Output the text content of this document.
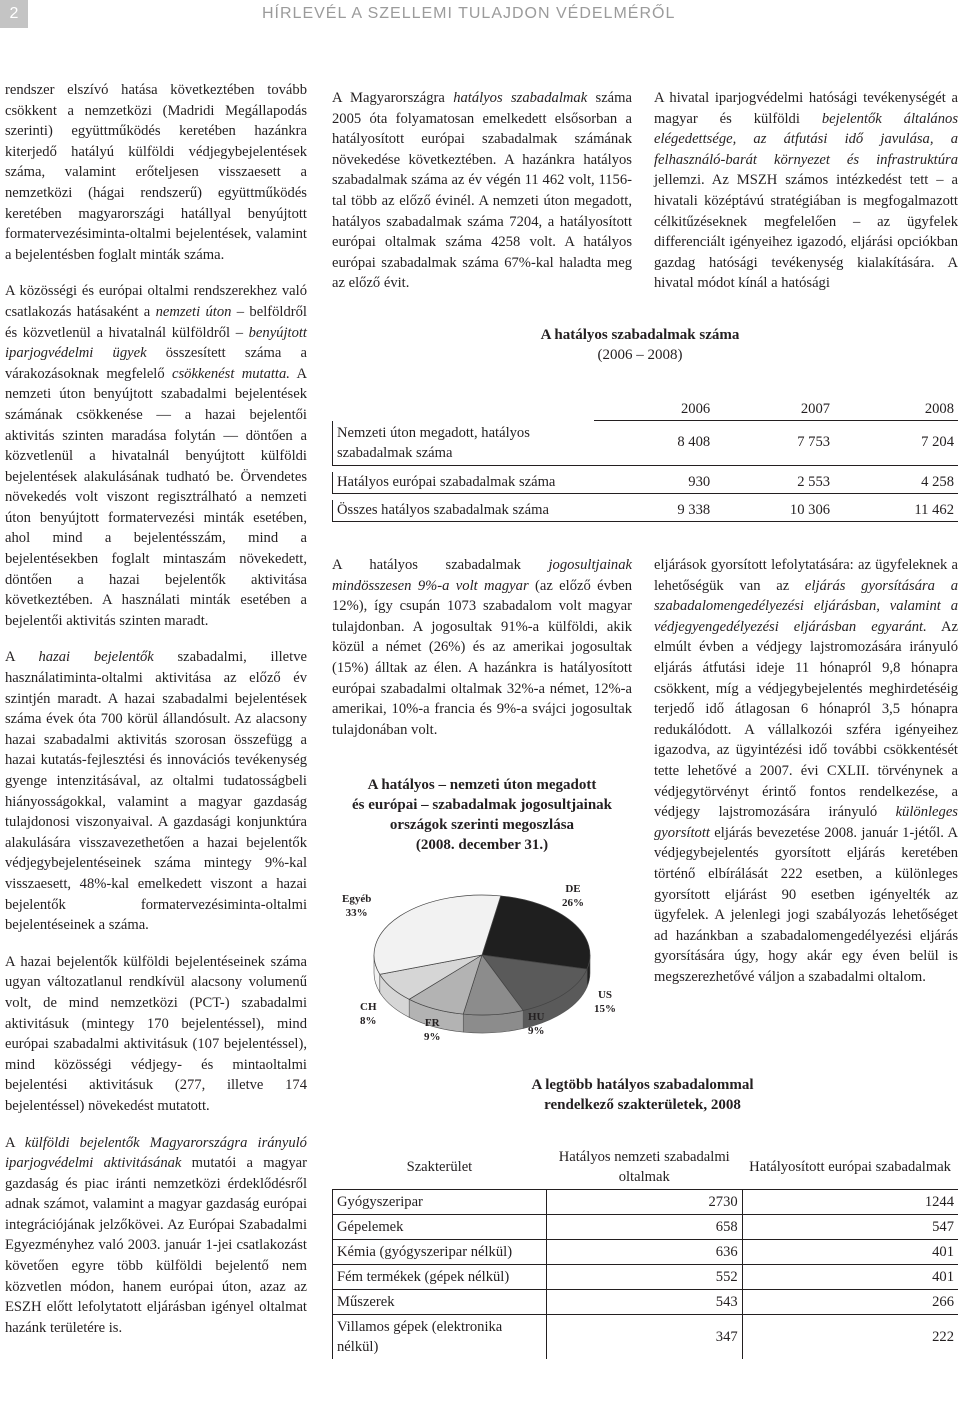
2	HÍRLEVÉL A SZELLEMI TULAJDON VÉDELMÉRŐL

rendszer elszívó hatása következtében tovább csökkent a nemzetközi (Madridi Megállapodás szerinti) együttműködés keretében hazánkra kiterjedő hatályú külföldi védjegybejelentések száma, valamint erőteljesen visszaesett a nemzetközi (hágai rendszerű) együttműködés keretében magyarországi hatállyal benyújtott formatervezésiminta-oltalmi bejelentések, valamint a bejelentésben foglalt minták száma.

A közösségi és európai oltalmi rendszerekhez való csatlakozás hatásaként a nemzeti úton – belföldről és közvetlenül a hivatalnál külföldről – benyújtott iparjogvédelmi ügyek összesített száma a várakozásoknak megfelelő csökkenést mutatta. A nemzeti úton benyújtott szabadalmi bejelentések számának csökkenése — a hazai bejelentői aktivitás szinten maradása folytán — döntően a közvetlenül a hivatalnál benyújtott külföldi bejelentések alakulásának tudható be. Örvendetes növekedés volt viszont regisztrálható a nemzeti úton benyújtott formatervezési minták esetében, ahol mind a bejelentésszám, mind a bejelentésekben foglalt mintaszám növekedett, döntően a hazai bejelentők aktivitása következtében. A használati minták esetében a bejelentői aktivitás szinten maradt.

A hazai bejelentők szabadalmi, illetve használatiminta-oltalmi aktivitása az előző év szintjén maradt. A hazai szabadalmi bejelentések száma évek óta 700 körül állandósult. Az alacsony hazai szabadalmi aktivitás szorosan összefügg a hazai kutatás-fejlesztési és innovációs tevékenység gyenge intenzitásával, az oltalmi tudatosságbeli hiányosságokkal, valamint a magyar gazdaság tulajdonosi viszonyaival. A gazdasági konjunktúra alakulására visszavezethetően a hazai bejelentők védjegybejelentéseinek száma mintegy 9%-kal visszaesett, 48%-kal emelkedett viszont a hazai bejelentők formatervezésiminta-oltalmi bejelentéseinek a száma.

A hazai bejelentők külföldi bejelentéseinek száma ugyan változatlanul rendkívül alacsony volumenű volt, de mind nemzetközi (PCT-) szabadalmi aktivitásuk (mintegy 170 bejelentéssel), mind európai szabadalmi aktivitásuk (107 bejelentéssel), mind közösségi védjegy- és mintaoltalmi bejelentési aktivitásuk (277, illetve 174 bejelentéssel) növekedést mutatott.

A külföldi bejelentők Magyarországra irányuló iparjogvédelmi aktivitásának mutatói a magyar gazdaság és piac iránti nemzetközi érdeklődésről adnak számot, valamint a magyar gazdaság európai integrációjának jelzőkövei. Az Európai Szabadalmi Egyezményhez való 2003. január 1-jei csatlakozást követően egyre több külföldi bejelentő nem közvetlen módon, hanem európai úton, azaz az ESZH előtt lefolytatott eljárásban igényel oltalmat hazánk területére is.

A Magyarországra hatályos szabadalmak száma 2005 óta folyamatosan emelkedett elsősorban a hatályosított európai szabadalmak számának növekedése következtében. A hazánkra hatályos szabadalmak száma az év végén 11 462 volt, 1156-tal több az előző évinél. A nemzeti úton megadott, hatályos szabadalmak száma 7204, a hatályosított európai oltalmak száma 4258 volt. A hatályos európai szabadalmak száma 67%-kal haladta meg az előző évit.

A hivatal iparjogvédelmi hatósági tevékenységét a magyar és külföldi bejelentők általános elégedettsége, az átfutási idő javulása, a felhasználó-barát környezet és infrastruktúra jellemzi. Az MSZH számos intézkedést tett – a hivatali középtávú stratégiában is megfogalmazott célkitűzéseknek megfelelően – az ügyfelek differenciált igényeihez igazodó, eljárási opciókban gazdag hatósági tevékenység kialakítására. A hivatal módot kínál a hatósági

A hatályos szabadalmak száma
(2006 – 2008)
	2006	2007	2008
Nemzeti úton megadott, hatályos szabadalmak száma	8 408	7 753	7 204

Hatályos európai szabadalmak száma	930	2 553	4 258

Összes hatályos szabadalmak száma	9 338	10 306	11 462

A hatályos szabadalmak jogosultjainak mindösszesen 9%-a volt magyar (az előző évben 12%), így csupán 1073 szabadalom volt magyar tulajdonban. A jogosultak 91%-a külföldi, akik közül a német (26%) és az amerikai jogosultak (15%) álltak az élen. A hazánkra is hatályosított európai szabadalmi oltalmak 32%-a német, 12%-a amerikai, 10%-a francia és 9%-a svájci jogosultak tulajdonában volt.

A hatályos – nemzeti úton megadott
és európai – szabadalmak jogosultjainak
országok szerinti megoszlása
(2008. december 31.)
DE
26%
US
15%
HU
9%
FR
9%
CH
8%
Egyéb
33%

eljárások gyorsított lefolytatására: az ügyfeleknek a lehetőségük van az eljárás gyorsítására a szabadalomengedélyezési eljárásban, valamint a védjegyengedélyezési eljárásban egyaránt. Az elmúlt évben a védjegy lajstromozására irányuló eljárás átfutási ideje 11 hónapról 9,8 hónapra csökkent, míg a védjegybejelentés meghirdetéséig terjedő idő átlagosan 6 hónapról 3,5 hónapra redukálódott. A vállalkozói szféra igényeihez igazodva, az ügyintézési idő további csökkentését tette lehetővé a 2007. évi CXLII. törvénynek a védjegytörvényt érintő fontos rendelkezése, a védjegy lajstromozására irányuló különleges gyorsított eljárás bevezetése 2008. január 1-jétől. A védjegybejelentés gyorsított eljárás keretében történő elbírálását 222 esetben, a különleges gyorsított eljárást 90 esetben igényelték az ügyfelek. A jelenlegi jogi szabályozás lehetőséget ad hazánkban a szabadalomengedélyezési eljárás gyorsítására úgy, hogy akár egy éven belül is megszerezhetővé váljon a szabadalmi oltalom.

A legtöbb hatályos szabadalommal
rendelkező szakterületek, 2008
Szakterület	Hatályos nemzeti szabadalmi oltalmak	Hatályosított európai szabadalmak
Gyógyszeripar	2730	1244
Gépelemek	658	547
Kémia (gyógyszeripar nélkül)	636	401
Fém termékek (gépek nélkül)	552	401
Műszerek	543	266
Villamos gépek (elektronika nélkül)	347	222
